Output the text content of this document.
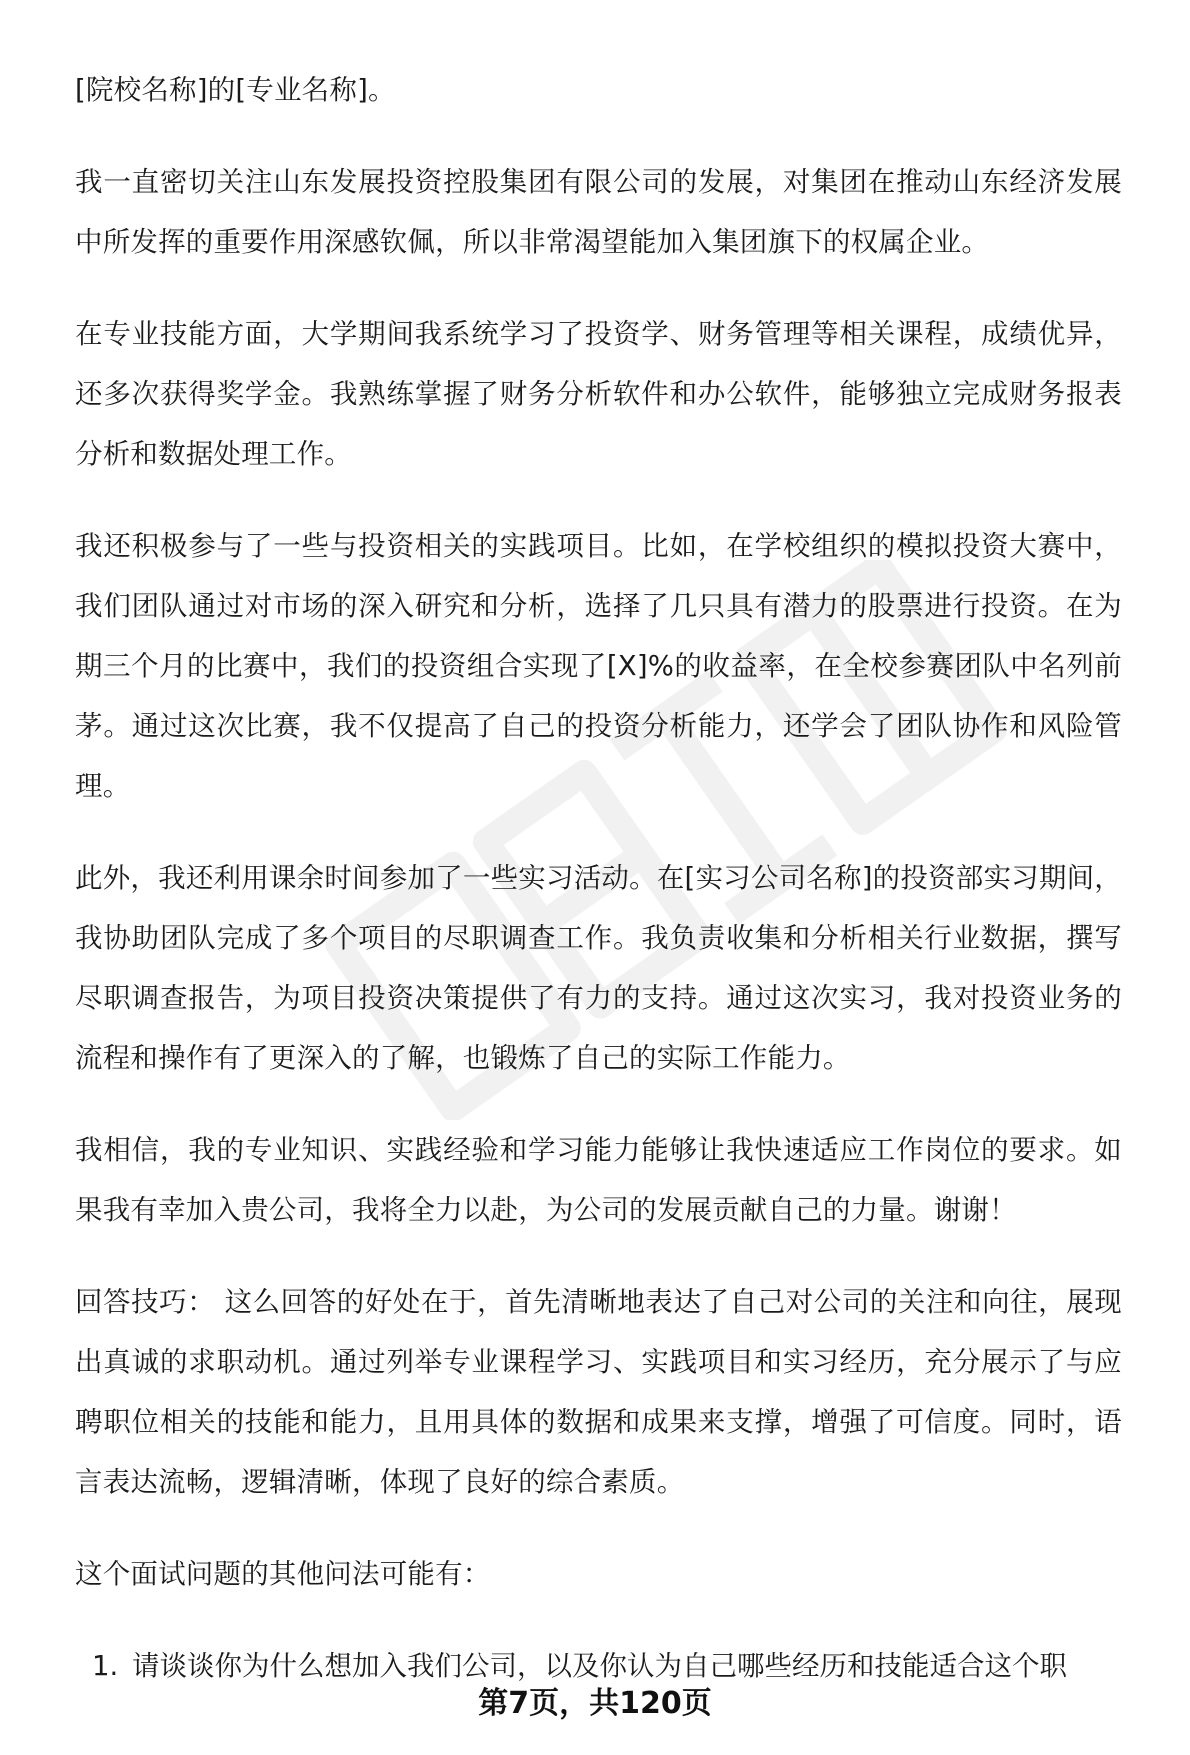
[院校名称]的[专业名称]。

我一直密切关注山东发展投资控股集团有限公司的发展，对集团在推动山东经济发展中所发挥的重要作用深感钦佩，所以非常渴望能加入集团旗下的权属企业。

在专业技能方面，大学期间我系统学习了投资学、财务管理等相关课程，成绩优异，还多次获得奖学金。我熟练掌握了财务分析软件和办公软件，能够独立完成财务报表分析和数据处理工作。

我还积极参与了一些与投资相关的实践项目。比如，在学校组织的模拟投资大赛中，我们团队通过对市场的深入研究和分析，选择了几只具有潜力的股票进行投资。在为期三个月的比赛中，我们的投资组合实现了[X]%的收益率，在全校参赛团队中名列前茅。通过这次比赛，我不仅提高了自己的投资分析能力，还学会了团队协作和风险管理。

此外，我还利用课余时间参加了一些实习活动。在[实习公司名称]的投资部实习期间，我协助团队完成了多个项目的尽职调查工作。我负责收集和分析相关行业数据，撰写尽职调查报告，为项目投资决策提供了有力的支持。通过这次实习，我对投资业务的流程和操作有了更深入的了解，也锻炼了自己的实际工作能力。

我相信，我的专业知识、实践经验和学习能力能够让我快速适应工作岗位的要求。如果我有幸加入贵公司，我将全力以赴，为公司的发展贡献自己的力量。谢谢！

回答技巧： 这么回答的好处在于，首先清晰地表达了自己对公司的关注和向往，展现出真诚的求职动机。通过列举专业课程学习、实践项目和实习经历，充分展示了与应聘职位相关的技能和能力，且用具体的数据和成果来支撑，增强了可信度。同时，语言表达流畅，逻辑清晰，体现了良好的综合素质。

这个面试问题的其他问法可能有：

1. 请谈谈你为什么想加入我们公司，以及你认为自己哪些经历和技能适合这个职
第7页，共120页
